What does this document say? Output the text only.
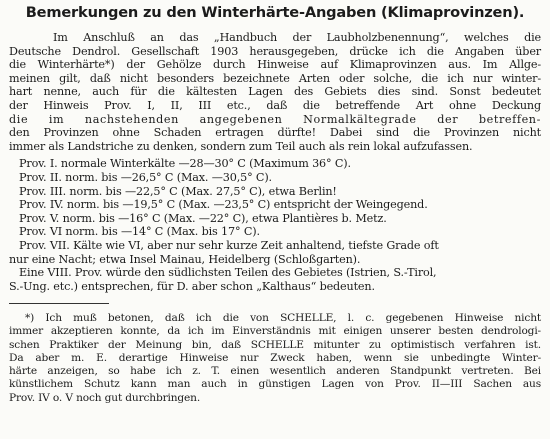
Bemerkungen zu den Winterhärte-Angaben (Klimaprovinzen).
Im Anschluß an das „Handbuch der Laubholzbenennung“, welches die
Deutsche Dendrol. Gesellschaft 1903 herausgegeben, drücke ich die Angaben über
die Winterhärte*) der Gehölze durch Hinweise auf Klimaprovinzen aus. Im Allge-
meinen gilt, daß nicht besonders bezeichnete Arten oder solche, die ich nur winter-
hart nenne, auch für die kältesten Lagen des Gebiets dies sind. Sonst bedeutet
der Hinweis Prov. I, II, III etc., daß die betreffende Art ohne Deckung
die im nachstehenden angegebenen Normalkältegrade der betreffen-
den Provinzen ohne Schaden ertragen dürfte! Dabei sind die Provinzen nicht
immer als Landstriche zu denken, sondern zum Teil auch als rein lokal aufzufassen.
Prov. I. normale Winterkälte —28—30° C (Maximum 36° C).
Prov. II. norm. bis —26,5° C (Max. —30,5° C).
Prov. III. norm. bis —22,5° C (Max. 27,5° C), etwa Berlin!
Prov. IV. norm. bis —19,5° C (Max. —23,5° C) entspricht der Weingegend.
Prov. V. norm. bis —16° C (Max. —22° C), etwa Plantières b. Metz.
Prov. VI norm. bis —14° C (Max. bis 17° C).
Prov. VII. Kälte wie VI, aber nur sehr kurze Zeit anhaltend, tiefste Grade oft
nur eine Nacht; etwa Insel Mainau, Heidelberg (Schloßgarten).
Eine VIII. Prov. würde den südlichsten Teilen des Gebietes (Istrien, S.-Tirol,
S.-Ung. etc.) entsprechen, für D. aber schon „Kalthaus“ bedeuten.
*) Ich muß betonen, daß ich die von SCHELLE, l. c. gegebenen Hinweise nicht
immer akzeptieren konnte, da ich im Einverständnis mit einigen unserer besten dendrologi-
schen Praktiker der Meinung bin, daß SCHELLE mitunter zu optimistisch verfahren ist.
Da aber m. E. derartige Hinweise nur Zweck haben, wenn sie unbedingte Winter-
härte anzeigen, so habe ich z. T. einen wesentlich anderen Standpunkt vertreten. Bei
künstlichem Schutz kann man auch in günstigen Lagen von Prov. II—III Sachen aus
Prov. IV o. V noch gut durchbringen.
